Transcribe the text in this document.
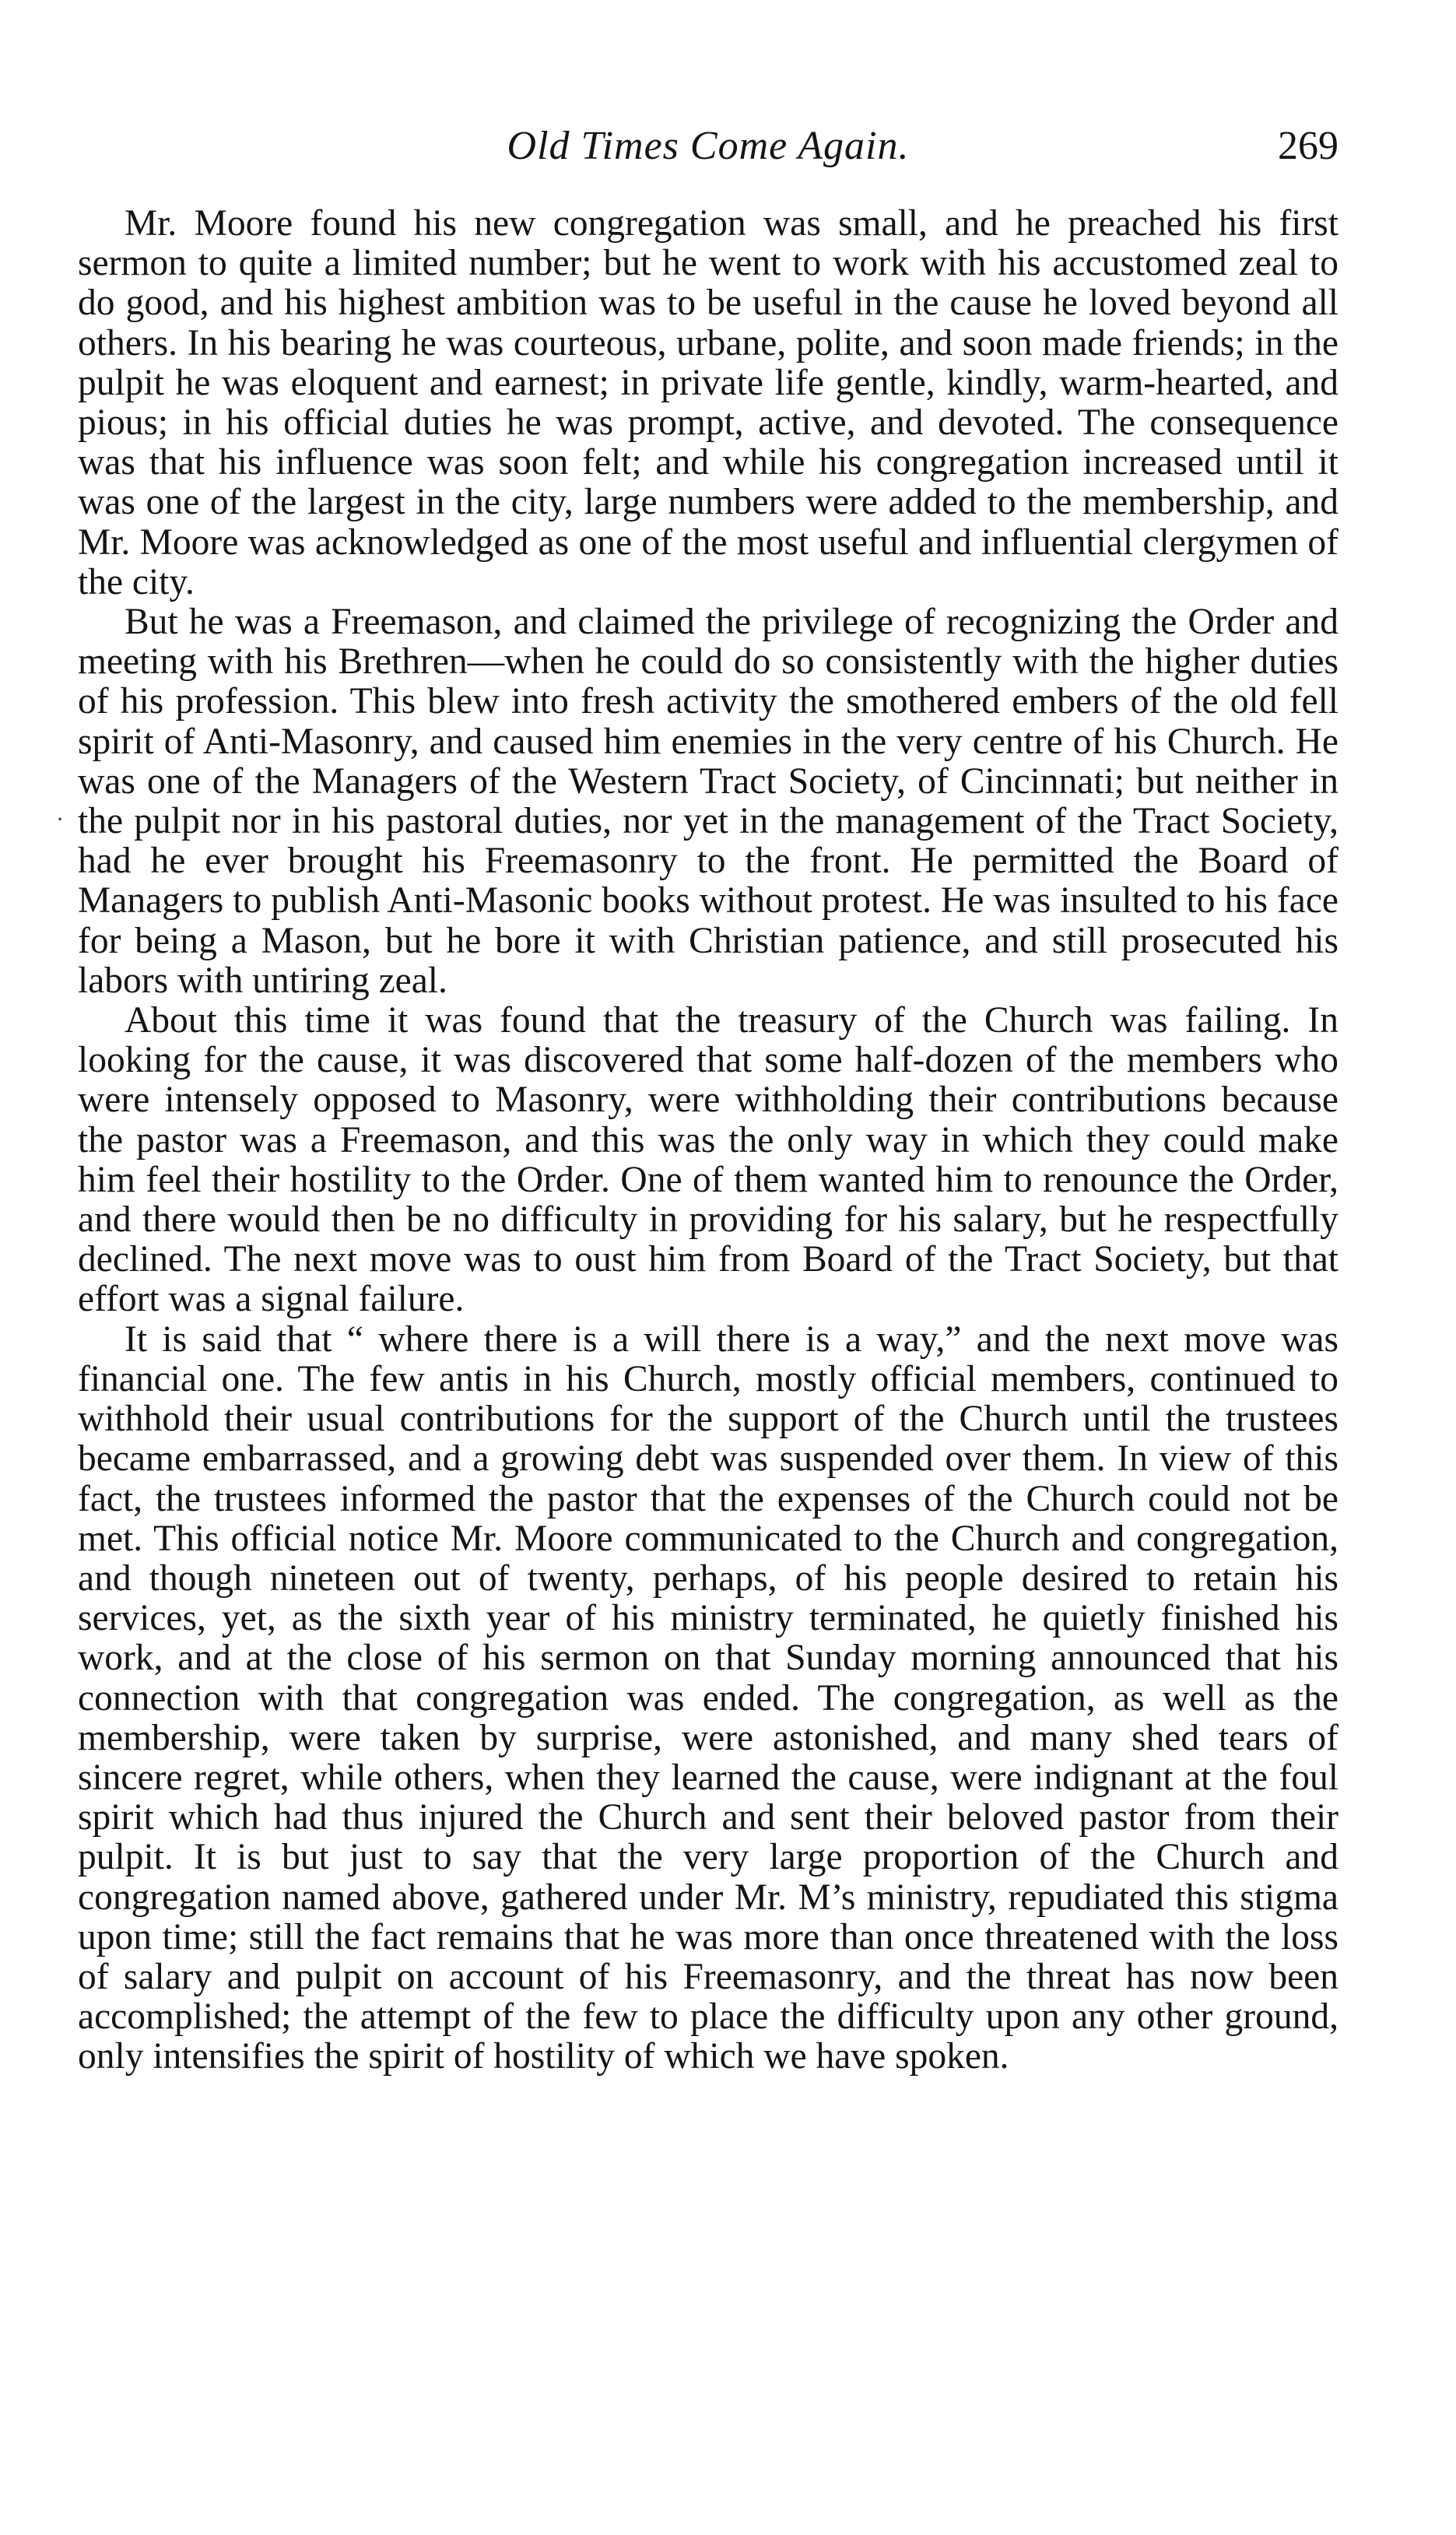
Old Times Come Again.	269
·

Mr. Moore found his new congregation was small, and he preached his first sermon to quite a limited number; but he went to work with his accustomed zeal to do good, and his highest ambition was to be useful in the cause he loved beyond all others. In his bearing he was courteous, urbane, polite, and soon made friends; in the pulpit he was eloquent and earnest; in private life gentle, kindly, warm-hearted, and pious; in his official duties he was prompt, active, and devoted. The consequence was that his influence was soon felt; and while his congregation increased until it was one of the largest in the city, large numbers were added to the membership, and Mr. Moore was acknowledged as one of the most useful and influential clergymen of the city.

But he was a Freemason, and claimed the privilege of recognizing the Order and meeting with his Brethren—when he could do so consistently with the higher duties of his profession. This blew into fresh activity the smothered embers of the old fell spirit of Anti-Masonry, and caused him enemies in the very centre of his Church. He was one of the Managers of the Western Tract Society, of Cincinnati; but neither in the pulpit nor in his pastoral duties, nor yet in the management of the Tract Society, had he ever brought his Freemasonry to the front. He permitted the Board of Managers to publish Anti-Masonic books without protest. He was insulted to his face for being a Mason, but he bore it with Christian patience, and still prosecuted his labors with untiring zeal.

About this time it was found that the treasury of the Church was failing. In looking for the cause, it was discovered that some half-dozen of the members who were intensely opposed to Masonry, were withholding their contributions because the pastor was a Freemason, and this was the only way in which they could make him feel their hostility to the Order. One of them wanted him to renounce the Order, and there would then be no difficulty in providing for his salary, but he respectfully declined. The next move was to oust him from Board of the Tract Society, but that effort was a signal failure.

It is said that “ where there is a will there is a way,” and the next move was financial one. The few antis in his Church, mostly official members, continued to withhold their usual contributions for the support of the Church until the trustees became embarrassed, and a growing debt was suspended over them. In view of this fact, the trustees informed the pastor that the expenses of the Church could not be met. This official notice Mr. Moore communicated to the Church and congregation, and though nineteen out of twenty, perhaps, of his people desired to retain his services, yet, as the sixth year of his ministry terminated, he quietly finished his work, and at the close of his sermon on that Sunday morning announced that his connection with that congregation was ended. The congregation, as well as the membership, were taken by surprise, were astonished, and many shed tears of sincere regret, while others, when they learned the cause, were indignant at the foul spirit which had thus injured the Church and sent their beloved pastor from their pulpit. It is but just to say that the very large proportion of the Church and congregation named above, gathered under Mr. M’s ministry, repudiated this stigma upon time; still the fact remains that he was more than once threatened with the loss of salary and pulpit on account of his Freemasonry, and the threat has now been accomplished; the attempt of the few to place the difficulty upon any other ground, only intensifies the spirit of hostility of which we have spoken.
